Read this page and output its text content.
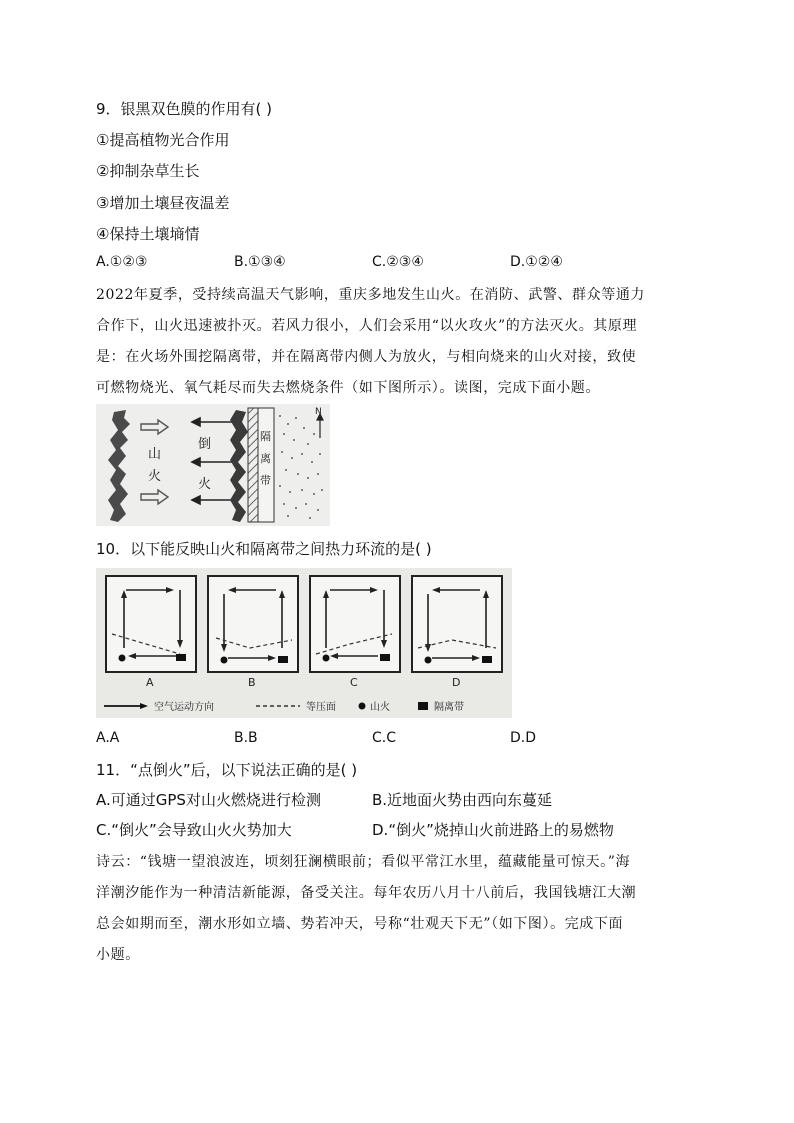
9．银黑双色膜的作用有( )
①提高植物光合作用
②抑制杂草生长
③增加土壤昼夜温差
④保持土壤墒情
A.①②③	B.①③④	C.②③④	D.①②④
2022年夏季，受持续高温天气影响，重庆多地发生山火。在消防、武警、群众等通力
合作下，山火迅速被扑灭。若风力很小，人们会采用“以火攻火”的方法灭火。其原理
是：在火场外围挖隔离带，并在隔离带内侧人为放火，与相向烧来的山火对接，致使
可燃物烧光、氧气耗尽而失去燃烧条件（如下图所示）。读图，完成下面小题。
山
火
倒
火
隔
离
带
N
10．以下能反映山火和隔离带之间热力环流的是( )
A	B	C	D
空气运动方向	等压面	山火	隔离带
A.A	B.B	C.C	D.D
11．“点倒火”后，以下说法正确的是( )
A.可通过GPS对山火燃烧进行检测	B.近地面火势由西向东蔓延
C.“倒火”会导致山火火势加大	D.“倒火”烧掉山火前进路上的易燃物
诗云：“钱塘一望浪波连，顷刻狂澜横眼前；看似平常江水里，蕴藏能量可惊天。”海
洋潮汐能作为一种清洁新能源，备受关注。每年农历八月十八前后，我国钱塘江大潮
总会如期而至，潮水形如立墙、势若冲天，号称“壮观天下无”（如下图）。完成下面
小题。
